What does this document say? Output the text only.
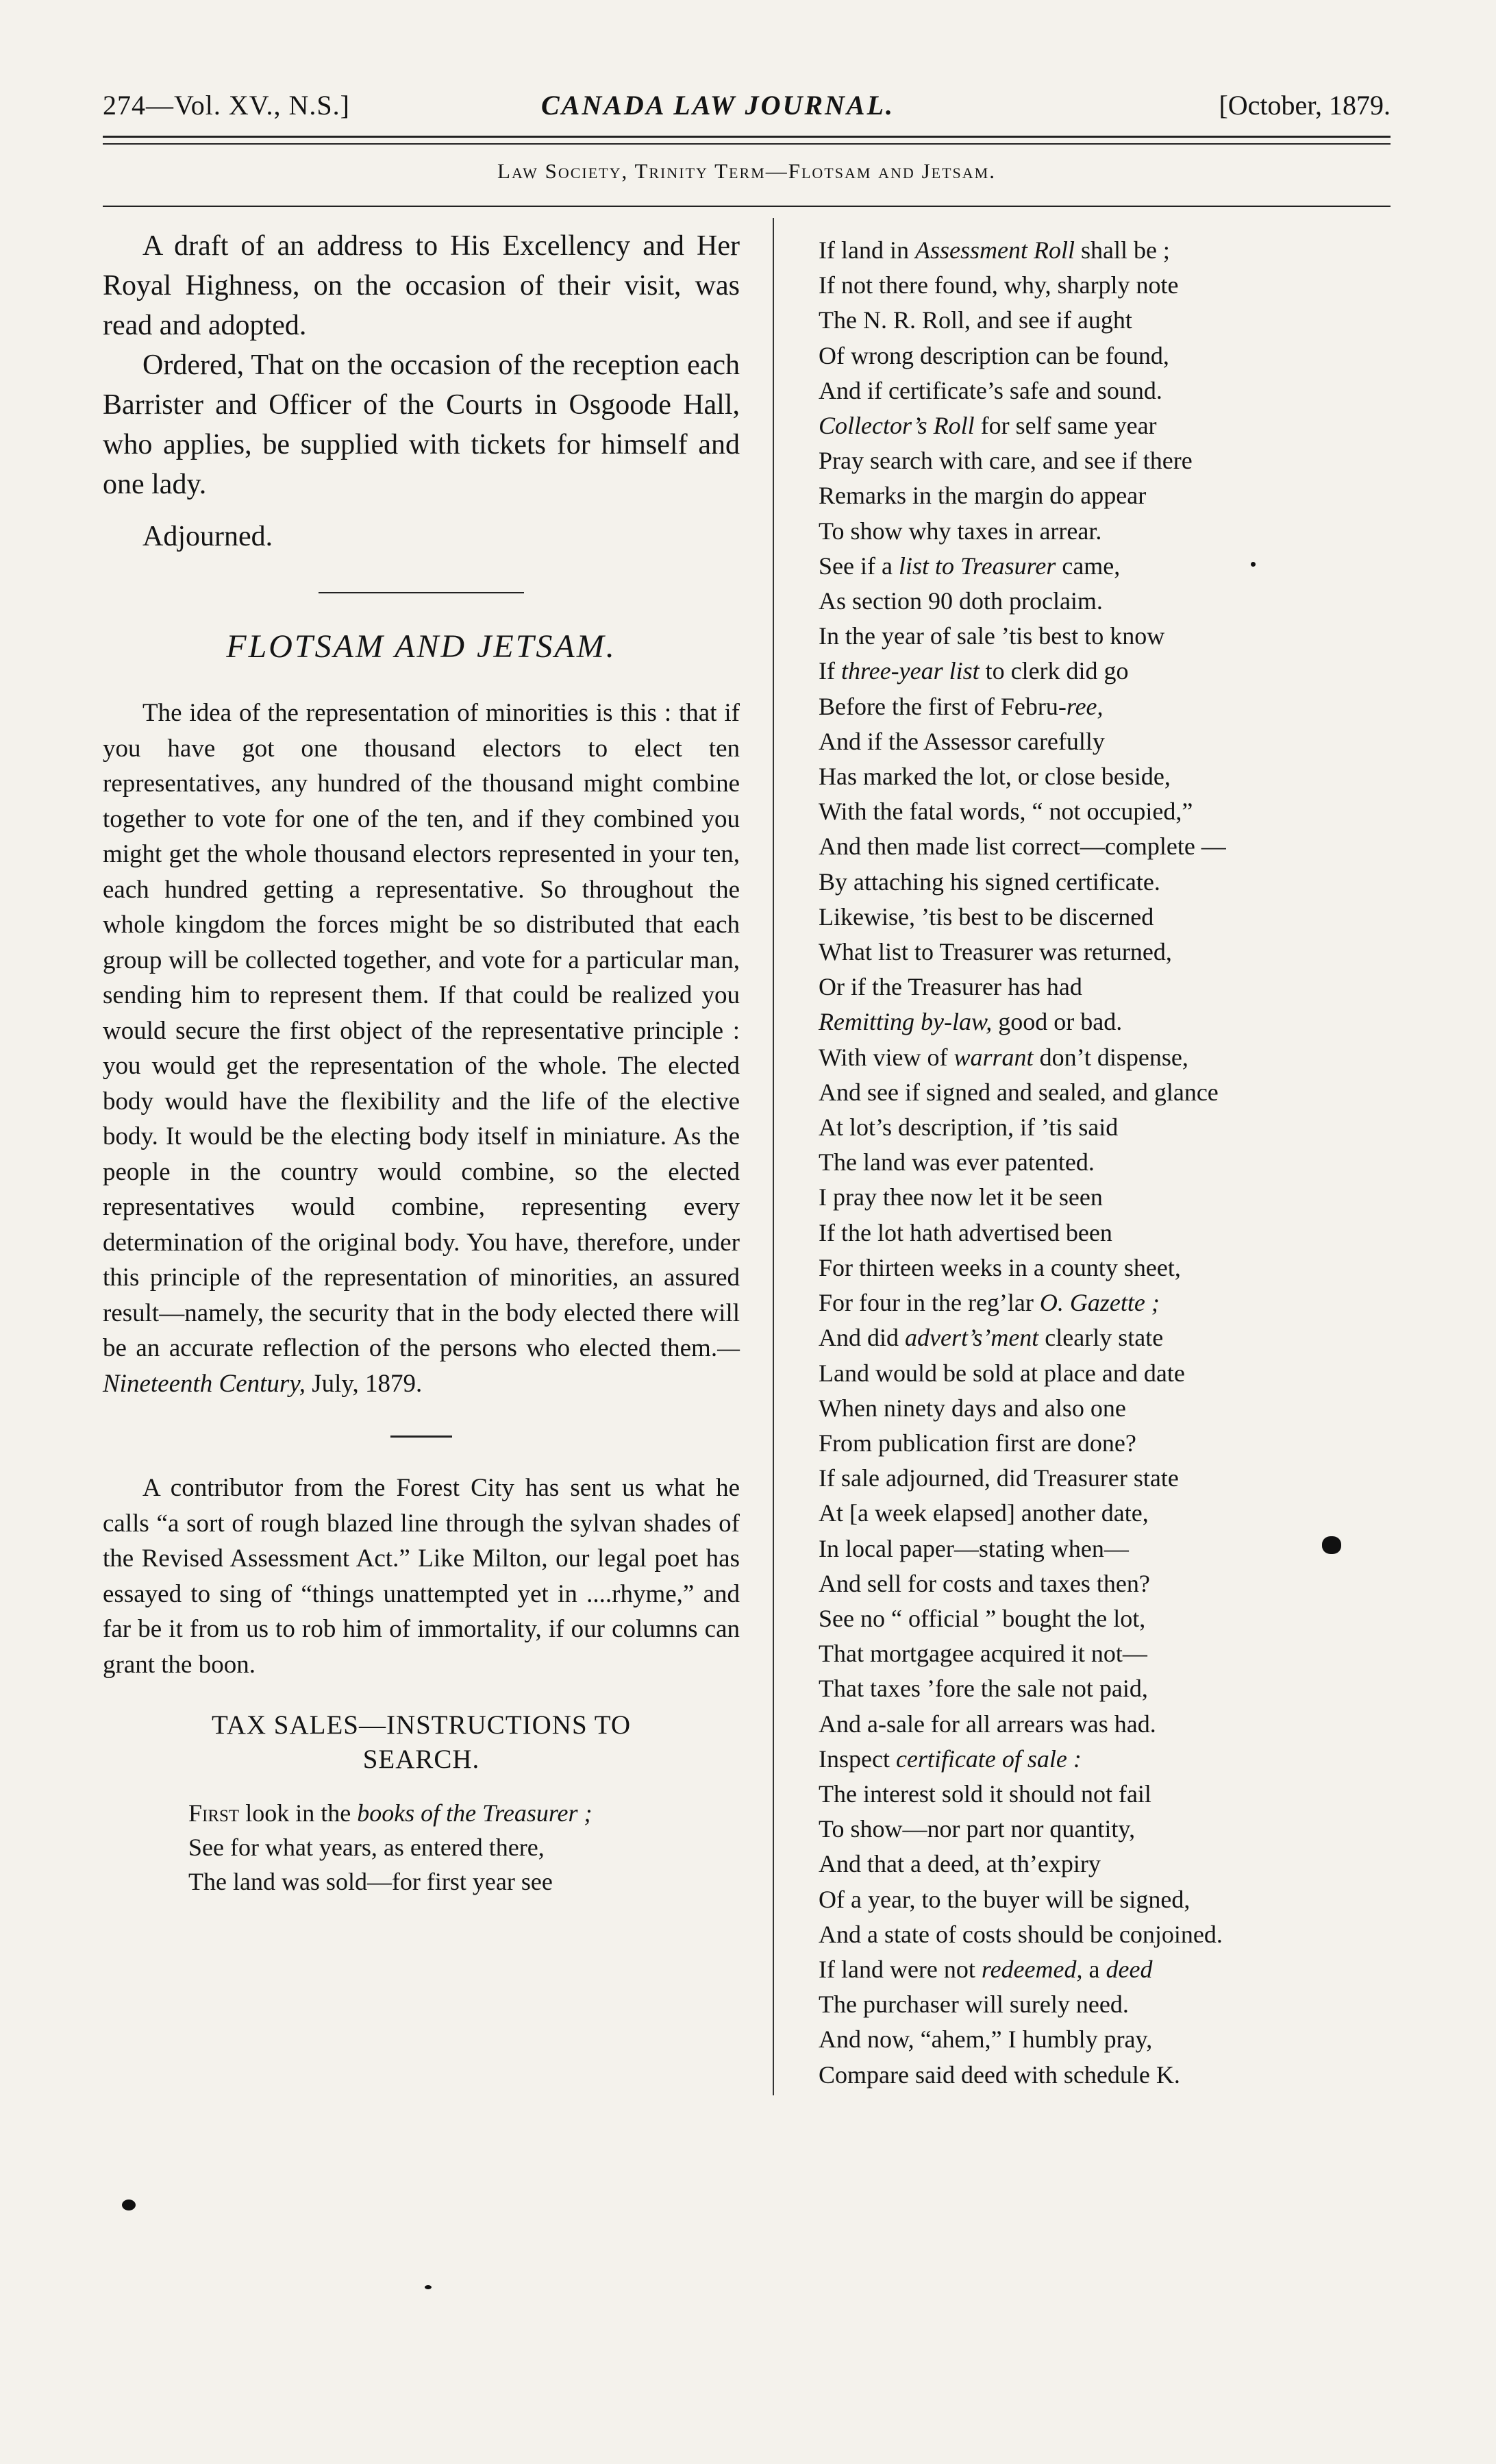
274—Vol. XV., N.S.]	CANADA LAW JOURNAL.	[October, 1879.
Law Society, Trinity Term—Flotsam and Jetsam.

A draft of an address to His Excellency and Her Royal Highness, on the occasion of their visit, was read and adopted.

Ordered, That on the occasion of the reception each Barrister and Officer of the Courts in Osgoode Hall, who applies, be supplied with tickets for himself and one lady.

Adjourned.

FLOTSAM AND JETSAM.

The idea of the representation of minorities is this : that if you have got one thousand electors to elect ten representatives, any hundred of the thousand might combine together to vote for one of the ten, and if they combined you might get the whole thousand electors represented in your ten, each hundred getting a representative. So throughout the whole kingdom the forces might be so distributed that each group will be collected together, and vote for a particular man, sending him to represent them. If that could be realized you would secure the first object of the representative principle : you would get the representation of the whole. The elected body would have the flexibility and the life of the elective body. It would be the electing body itself in miniature. As the people in the country would combine, so the elected representatives would combine, representing every determination of the original body. You have, therefore, under this principle of the representation of minorities, an assured result—namely, the security that in the body elected there will be an accurate reflection of the persons who elected them.—Nineteenth Century, July, 1879.

A contributor from the Forest City has sent us what he calls “a sort of rough blazed line through the sylvan shades of the Revised Assessment Act.” Like Milton, our legal poet has essayed to sing of “things unattempted yet in ....rhyme,” and far be it from us to rob him of immortality, if our columns can grant the boon.

TAX SALES—INSTRUCTIONS TO
SEARCH.
First look in the books of the Treasurer ;
See for what years, as entered there,
The land was sold—for first year see
If land in Assessment Roll shall be ;
If not there found, why, sharply note
The N. R. Roll, and see if aught
Of wrong description can be found,
And if certificate’s safe and sound.
Collector’s Roll for self same year
Pray search with care, and see if there
Remarks in the margin do appear
To show why taxes in arrear.
See if a list to Treasurer came,
As section 90 doth proclaim.
In the year of sale ’tis best to know
If three-year list to clerk did go
Before the first of Febru-ree,
And if the Assessor carefully
Has marked the lot, or close beside,
With the fatal words, “ not occupied,”
And then made list correct—complete —
By attaching his signed certificate.
Likewise, ’tis best to be discerned
What list to Treasurer was returned,
Or if the Treasurer has had
Remitting by-law, good or bad.
With view of warrant don’t dispense,
And see if signed and sealed, and glance
At lot’s description, if ’tis said
The land was ever patented.
I pray thee now let it be seen
If the lot hath advertised been
For thirteen weeks in a county sheet,
For four in the reg’lar O. Gazette ;
And did advert’s’ment clearly state
Land would be sold at place and date
When ninety days and also one
From publication first are done?
If sale adjourned, did Treasurer state
At [a week elapsed] another date,
In local paper—stating when—
And sell for costs and taxes then?
See no “ official ” bought the lot,
That mortgagee acquired it not—
That taxes ’fore the sale not paid,
And a-sale for all arrears was had.
Inspect certificate of sale :
The interest sold it should not fail
To show—nor part nor quantity,
And that a deed, at th’expiry
Of a year, to the buyer will be signed,
And a state of costs should be conjoined.
If land were not redeemed, a deed
The purchaser will surely need.
And now, “ahem,” I humbly pray,
Compare said deed with schedule K.
